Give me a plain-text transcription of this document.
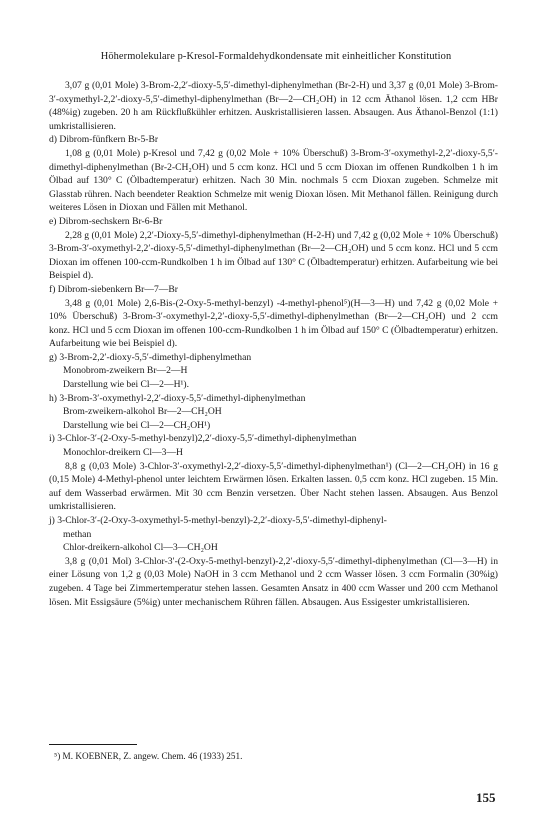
Höhermolekulare p-Kresol-Formaldehydkondensate mit einheitlicher Konstitution

3,07 g (0,01 Mole) 3-Brom-2,2′-dioxy-5,5′-dimethyl-diphenylmethan (Br-2-H) und 3,37 g (0,01 Mole) 3-Brom-3′-oxymethyl-2,2′-dioxy-5,5′-dimethyl-diphenylmethan (Br—2—CH₂OH) in 12 ccm Äthanol lösen. 1,2 ccm HBr (48%ig) zugeben. 20 h am Rückflußkühler erhitzen. Auskristallisieren lassen. Absaugen. Aus Äthanol-Benzol (1:1) umkristallisieren.

d) Dibrom-fünfkern Br-5-Br

1,08 g (0,01 Mole) p-Kresol und 7,42 g (0,02 Mole + 10% Überschuß) 3-Brom-3′-oxymethyl-2,2′-dioxy-5,5′-dimethyl-diphenylmethan (Br-2-CH₂OH) und 5 ccm konz. HCl und 5 ccm Dioxan im offenen Rundkolben 1 h im Ölbad auf 130° C (Ölbadtemperatur) erhitzen. Nach 30 Min. nochmals 5 ccm Dioxan zugeben. Schmelze mit Glasstab rühren. Nach beendeter Reaktion Schmelze mit wenig Dioxan lösen. Mit Methanol fällen. Reinigung durch weiteres Lösen in Dioxan und Fällen mit Methanol.

e) Dibrom-sechskern Br-6-Br

2,28 g (0,01 Mole) 2,2′-Dioxy-5,5′-dimethyl-diphenylmethan (H-2-H) und 7,42 g (0,02 Mole + 10% Überschuß) 3-Brom-3′-oxymethyl-2,2′-dioxy-5,5′-dimethyl-diphenylmethan (Br—2—CH₂OH) und 5 ccm konz. HCl und 5 ccm Dioxan im offenen 100-ccm-Rundkolben 1 h im Ölbad auf 130° C (Ölbadtemperatur) erhitzen. Aufarbeitung wie bei Beispiel d).

f) Dibrom-siebenkern Br—7—Br

3,48 g (0,01 Mole) 2,6-Bis-(2-Oxy-5-methyl-benzyl) -4-methyl-phenol⁵)(H—3—H) und 7,42 g (0,02 Mole + 10% Überschuß) 3-Brom-3′-oxymethyl-2,2′-dioxy-5,5′-dimethyl-diphenylmethan (Br—2—CH₂OH) und 2 ccm konz. HCl und 5 ccm Dioxan im offenen 100-ccm-Rundkolben 1 h im Ölbad auf 150° C (Ölbadtemperatur) erhitzen. Aufarbeitung wie bei Beispiel d).

g) 3-Brom-2,2′-dioxy-5,5′-dimethyl-diphenylmethan

Monobrom-zweikern Br—2—H

Darstellung wie bei Cl—2—H¹).

h) 3-Brom-3′-oxymethyl-2,2′-dioxy-5,5′-dimethyl-diphenylmethan

Brom-zweikern-alkohol Br—2—CH₂OH

Darstellung wie bei Cl—2—CH₂OH¹)

i) 3-Chlor-3′-(2-Oxy-5-methyl-benzyl)2,2′-dioxy-5,5′-dimethyl-diphenylmethan

Monochlor-dreikern Cl—3—H

8,8 g (0,03 Mole) 3-Chlor-3′-oxymethyl-2,2′-dioxy-5,5′-dimethyl-diphenylmethan¹) (Cl—2—CH₂OH) in 16 g (0,15 Mole) 4-Methyl-phenol unter leichtem Erwärmen lösen. Erkalten lassen. 0,5 ccm konz. HCl zugeben. 15 Min. auf dem Wasserbad erwärmen. Mit 30 ccm Benzin versetzen. Über Nacht stehen lassen. Absaugen. Aus Benzol umkristallisieren.

j) 3-Chlor-3′-(2-Oxy-3-oxymethyl-5-methyl-benzyl)-2,2′-dioxy-5,5′-dimethyl-diphenyl-

methan

Chlor-dreikern-alkohol Cl—3—CH₂OH

3,8 g (0,01 Mol) 3-Chlor-3′-(2-Oxy-5-methyl-benzyl)-2,2′-dioxy-5,5′-dimethyl-diphenylmethan (Cl—3—H) in einer Lösung von 1,2 g (0,03 Mole) NaOH in 3 ccm Methanol und 2 ccm Wasser lösen. 3 ccm Formalin (30%ig) zugeben. 4 Tage bei Zimmertemperatur stehen lassen. Gesamten Ansatz in 400 ccm Wasser und 200 ccm Methanol lösen. Mit Essigsäure (5%ig) unter mechanischem Rühren fällen. Absaugen. Aus Essigester umkristallisieren.

⁵) M. KOEBNER, Z. angew. Chem. 46 (1933) 251.
155
